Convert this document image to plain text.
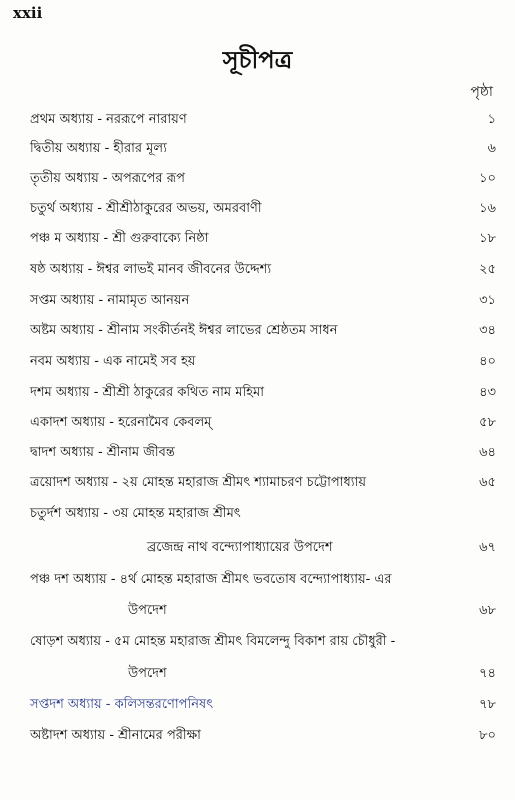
xxii
সূচীপত্র
পৃষ্ঠা
প্রথম অধ্যায় - নররূপে নারায়ণ	১
দ্বিতীয় অধ্যায় - হীরার মূল্য	৬
তৃতীয় অধ্যায় - অপরূপের রূপ	১০
চতুর্থ অধ্যায় - শ্রীশ্রীঠাকুরের অভয়, অমরবাণী	১৬
পঞ্চ ম অধ্যায় - শ্রী গুরুবাক্যে নিষ্ঠা	১৮
ষষ্ঠ অধ্যায় - ঈশ্বর লাভই মানব জীবনের উদ্দেশ্য	২৫
সপ্তম অধ্যায় - নামামৃত আনয়ন	৩১
অষ্টম অধ্যায় - শ্রীনাম সংকীর্তনই ঈশ্বর লাভের শ্রেষ্ঠতম সাধন	৩৪
নবম অধ্যায় - এক নামেই সব হয়	৪০
দশম অধ্যায় - শ্রীশ্রী ঠাকুরের কথিত নাম মহিমা	৪৩
একাদশ অধ্যায় - হরেনামৈব কেবলম্	৫৮
দ্বাদশ অধ্যায় - শ্রীনাম জীবন্ত	৬৪
ত্রয়োদশ অধ্যায় - ২য় মোহন্ত মহারাজ শ্রীমৎ শ্যামাচরণ চট্টোপাধ্যায়	৬৫
চতুর্দশ অধ্যায় - ৩য় মোহন্ত মহারাজ শ্রীমৎ
ব্রজেন্দ্র নাথ বন্দ্যোপাধ্যায়ের উপদেশ	৬৭
পঞ্চ দশ অধ্যায় - ৪র্থ মোহন্ত মহারাজ শ্রীমৎ ভবতোষ বন্দ্যোপাধ্যায়- এর
উপদেশ	৬৮
ষোড়শ অধ্যায় - ৫ম মোহন্ত মহারাজ শ্রীমৎ বিমলেন্দু বিকাশ রায় চৌধুরী -
উপদেশ	৭৪
সপ্তদশ অধ্যায় - কলিসন্তরণোপনিষৎ	৭৮
অষ্টাদশ অধ্যায় - শ্রীনামের পরীক্ষা	৮০
